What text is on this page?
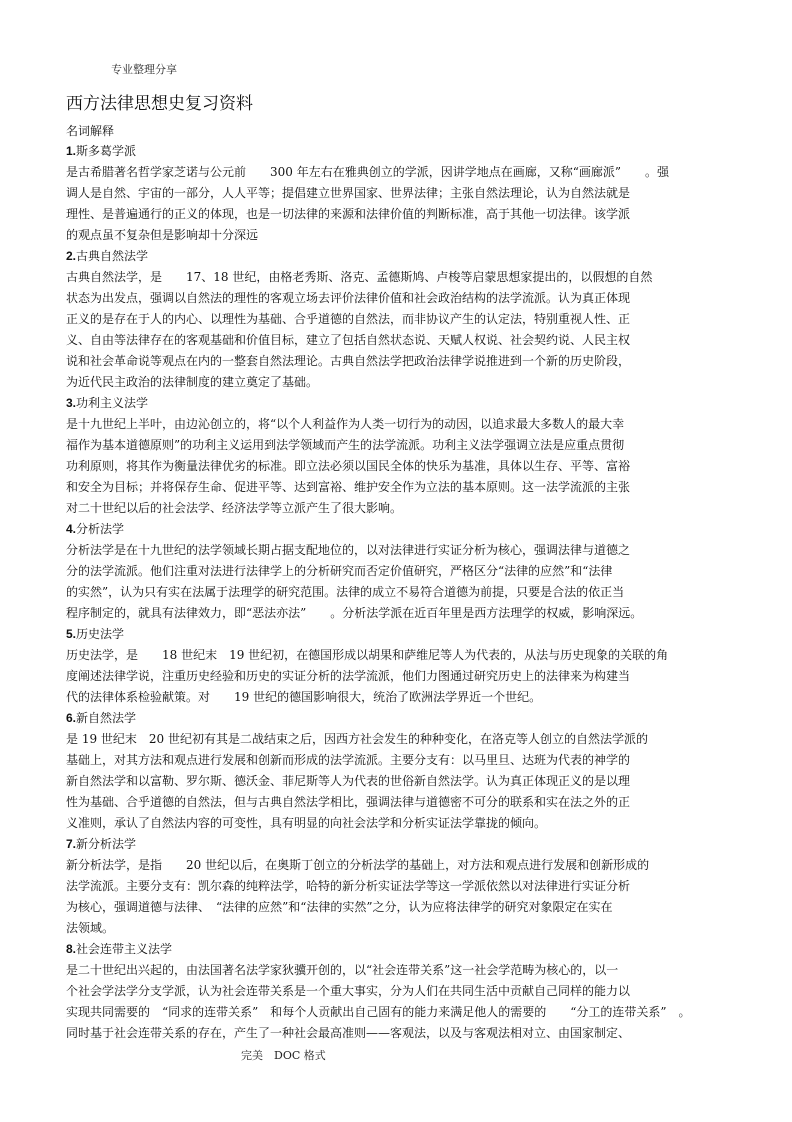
专业整理分享
西方法律思想史复习资料
名词解释
1.斯多葛学派
是古希腊著名哲学家芝诺与公元前　　300 年左右在雅典创立的学派，因讲学地点在画廊，又称“画廊派”　　。强
调人是自然、宇宙的一部分，人人平等；提倡建立世界国家、世界法律；主张自然法理论，认为自然法就是
理性、是普遍通行的正义的体现，也是一切法律的来源和法律价值的判断标准，高于其他一切法律。该学派
的观点虽不复杂但是影响却十分深远
2.古典自然法学
古典自然法学，是　　17、18 世纪，由格老秀斯、洛克、孟德斯鸠、卢梭等启蒙思想家提出的，以假想的自然
状态为出发点，强调以自然法的理性的客观立场去评价法律价值和社会政治结构的法学流派。认为真正体现
正义的是存在于人的内心、以理性为基础、合乎道德的自然法，而非协议产生的认定法，特别重视人性、正
义、自由等法律存在的客观基础和价值目标，建立了包括自然状态说、天赋人权说、社会契约说、人民主权
说和社会革命说等观点在内的一整套自然法理论。古典自然法学把政治法律学说推进到一个新的历史阶段，
为近代民主政治的法律制度的建立奠定了基础。
3.功利主义法学
是十九世纪上半叶，由边沁创立的，将“以个人利益作为人类一切行为的动因，以追求最大多数人的最大幸
福作为基本道德原则”的功利主义运用到法学领域而产生的法学流派。功利主义法学强调立法是应重点贯彻
功利原则，将其作为衡量法律优劣的标准。即立法必须以国民全体的快乐为基准，具体以生存、平等、富裕
和安全为目标；并将保存生命、促进平等、达到富裕、维护安全作为立法的基本原则。这一法学流派的主张
对二十世纪以后的社会法学、经济法学等立派产生了很大影响。
4.分析法学
分析法学是在十九世纪的法学领域长期占据支配地位的，以对法律进行实证分析为核心，强调法律与道德之
分的法学流派。他们注重对法进行法律学上的分析研究而否定价值研究，严格区分“法律的应然”和“法律
的实然”，认为只有实在法属于法理学的研究范围。法律的成立不易符合道德为前提，只要是合法的依正当
程序制定的，就具有法律效力，即“恶法亦法”　　。分析法学派在近百年里是西方法理学的权威，影响深远。
5.历史法学
历史法学，是　　18 世纪末　19 世纪初，在德国形成以胡果和萨维尼等人为代表的，从法与历史现象的关联的角
度阐述法律学说，注重历史经验和历史的实证分析的法学流派，他们力图通过研究历史上的法律来为构建当
代的法律体系检验献策。对　　19 世纪的德国影响很大，统治了欧洲法学界近一个世纪。
6.新自然法学
是 19 世纪末　20 世纪初有其是二战结束之后，因西方社会发生的种种变化，在洛克等人创立的自然法学派的
基础上，对其方法和观点进行发展和创新而形成的法学流派。主要分支有：以马里旦、达班为代表的神学的
新自然法学和以富勒、罗尔斯、德沃金、菲尼斯等人为代表的世俗新自然法学。认为真正体现正义的是以理
性为基础、合乎道德的自然法，但与古典自然法学相比，强调法律与道德密不可分的联系和实在法之外的正
义准则，承认了自然法内容的可变性，具有明显的向社会法学和分析实证法学靠拢的倾向。
7.新分析法学
新分析法学，是指　　20 世纪以后，在奥斯丁创立的分析法学的基础上，对方法和观点进行发展和创新形成的
法学流派。主要分支有：凯尔森的纯粹法学，哈特的新分析实证法学等这一学派依然以对法律进行实证分析
为核心，强调道德与法律、　“法律的应然”和“法律的实然”之分，认为应将法律学的研究对象限定在实在
法领域。
8.社会连带主义法学
是二十世纪出兴起的，由法国著名法学家狄骥开创的，以“社会连带关系”这一社会学范畴为核心的，以一
个社会学法学分支学派，认为社会连带关系是一个重大事实，分为人们在共同生活中贡献自己同样的能力以
实现共同需要的　“同求的连带关系”　和每个人贡献出自己固有的能力来满足他人的需要的　　“分工的连带关系”　。
同时基于社会连带关系的存在，产生了一种社会最高准则——客观法，以及与客观法相对立、由国家制定、
完美　DOC 格式
